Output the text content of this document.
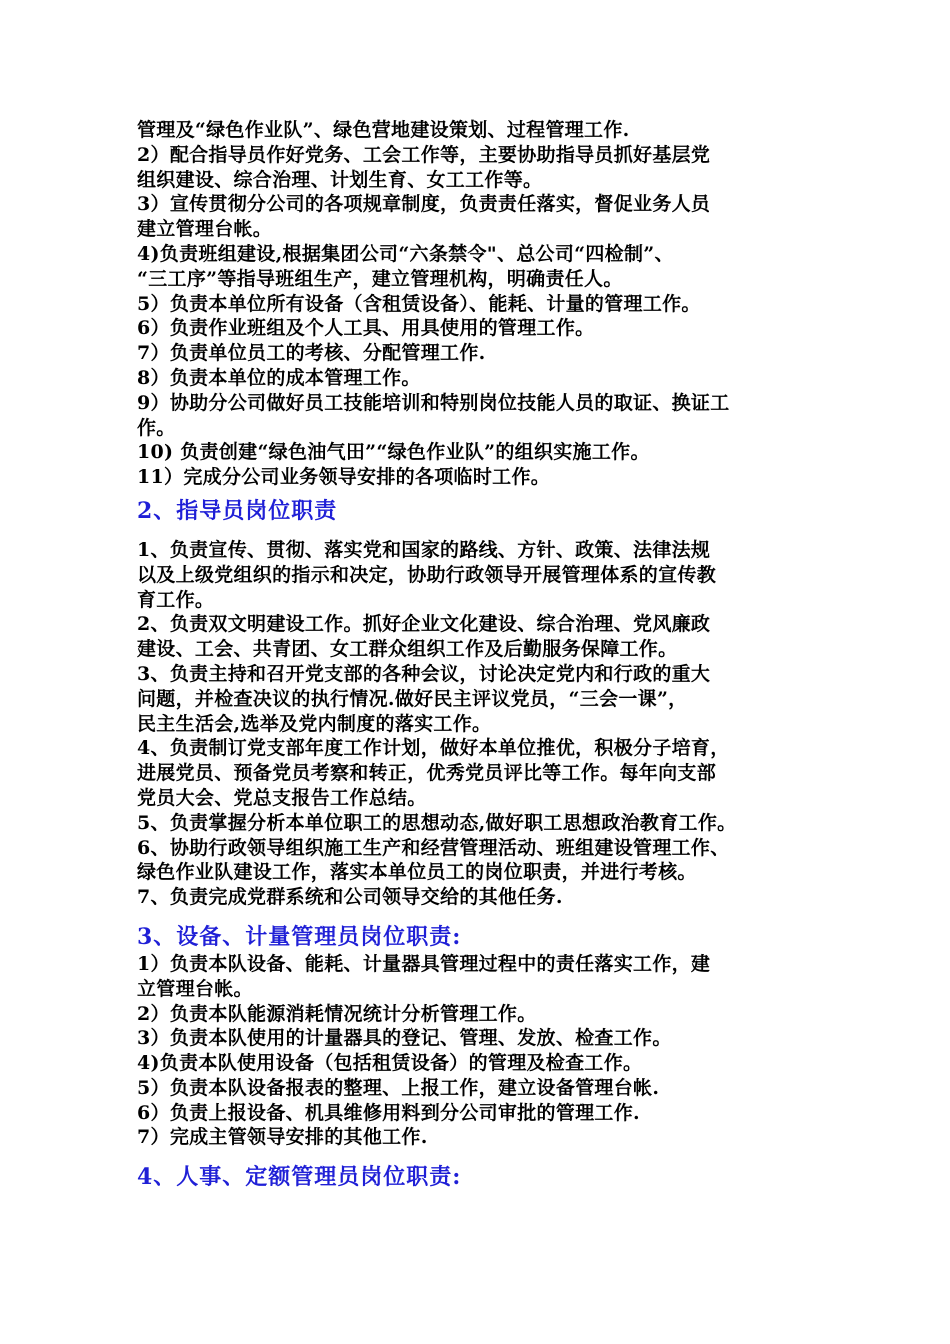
管理及“绿色作业队”、绿色营地建设策划、过程管理工作.
2）配合指导员作好党务、工会工作等，主要协助指导员抓好基层党
组织建设、综合治理、计划生育、女工工作等。
3）宣传贯彻分公司的各项规章制度，负责责任落实，督促业务人员
建立管理台帐。
4)负责班组建设,根据集团公司“六条禁令"、总公司“四检制”、
“三工序”等指导班组生产，建立管理机构，明确责任人。
5）负责本单位所有设备（含租赁设备）、能耗、计量的管理工作。
6）负责作业班组及个人工具、用具使用的管理工作。
7）负责单位员工的考核、分配管理工作.
8）负责本单位的成本管理工作。
9）协助分公司做好员工技能培训和特别岗位技能人员的取证、换证工
作。
10) 负责创建“绿色油气田”“绿色作业队”的组织实施工作。
11）完成分公司业务领导安排的各项临时工作。
2、指导员岗位职责
1、负责宣传、贯彻、落实党和国家的路线、方针、政策、法律法规
以及上级党组织的指示和决定，协助行政领导开展管理体系的宣传教
育工作。
2、负责双文明建设工作。抓好企业文化建设、综合治理、党风廉政
建设、工会、共青团、女工群众组织工作及后勤服务保障工作。
3、负责主持和召开党支部的各种会议，讨论决定党内和行政的重大
问题，并检查决议的执行情况.做好民主评议党员，“三会一课”，
民主生活会,选举及党内制度的落实工作。
4、负责制订党支部年度工作计划，做好本单位推优，积极分子培育，
进展党员、预备党员考察和转正，优秀党员评比等工作。每年向支部
党员大会、党总支报告工作总结。
5、负责掌握分析本单位职工的思想动态,做好职工思想政治教育工作。
6、协助行政领导组织施工生产和经营管理活动、班组建设管理工作、
绿色作业队建设工作，落实本单位员工的岗位职责，并进行考核。
7、负责完成党群系统和公司领导交给的其他任务.
3、设备、计量管理员岗位职责:
1）负责本队设备、能耗、计量器具管理过程中的责任落实工作，建
立管理台帐。
2）负责本队能源消耗情况统计分析管理工作。
3）负责本队使用的计量器具的登记、管理、发放、检查工作。
4)负责本队使用设备（包括租赁设备）的管理及检查工作。
5）负责本队设备报表的整理、上报工作，建立设备管理台帐.
6）负责上报设备、机具维修用料到分公司审批的管理工作.
7）完成主管领导安排的其他工作.
4、人事、定额管理员岗位职责:
